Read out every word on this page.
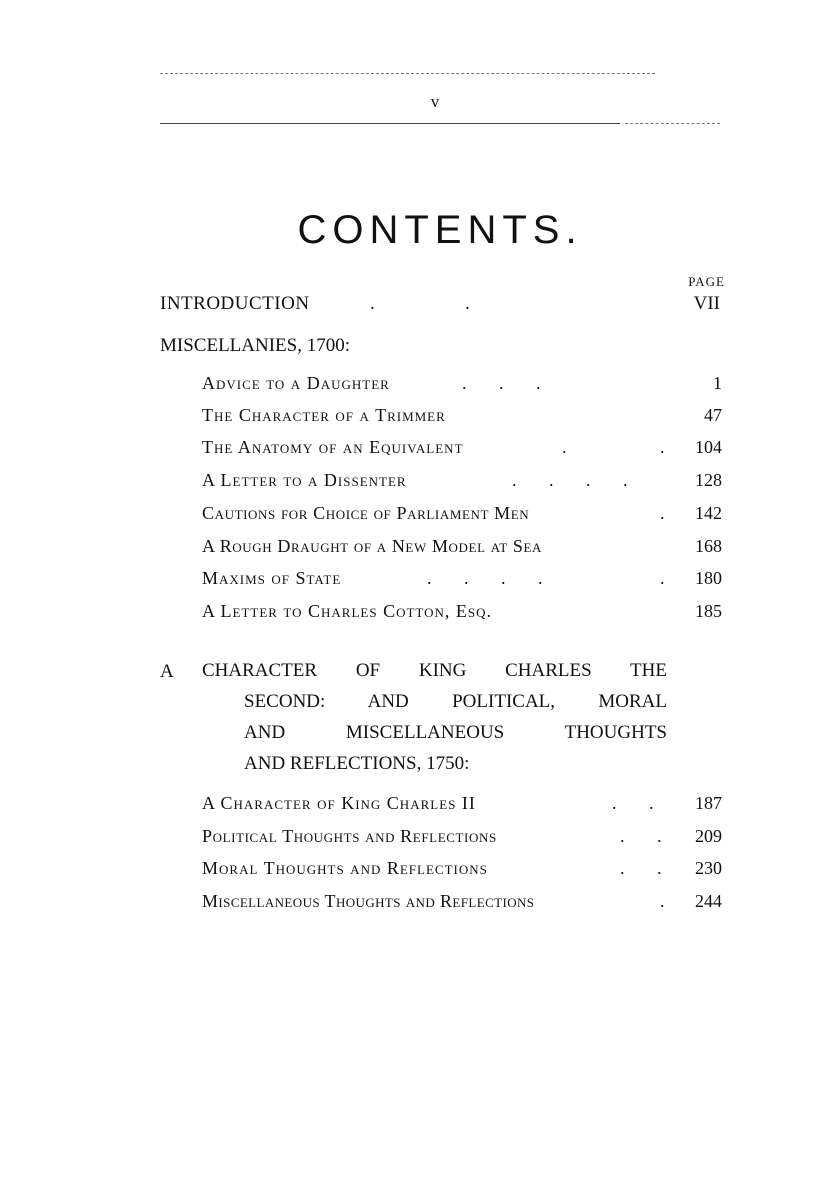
v
CONTENTS.
PAGE
INTRODUCTION	.	.	VII
MISCELLANIES, 1700:
Advice to a Daughter	. . .	1
The Character of a Trimmer	47
The Anatomy of an Equivalent	.	. 104
A Letter to a Dissenter	. . . .	128
Cautions for Choice of Parliament Men	. 142
A Rough Draught of a New Model at Sea	168
Maxims of State	. . . .	. 180
A Letter to Charles Cotton, Esq.	185
A CHARACTER OF KING CHARLES THE
SECOND: AND POLITICAL, MORAL
AND MISCELLANEOUS THOUGHTS
AND REFLECTIONS, 1750:
A Character of King Charles II	. . 187
Political Thoughts and Reflections	. . 209
Moral Thoughts and Reflections	. . 230
Miscellaneous Thoughts and Reflections	. 244
